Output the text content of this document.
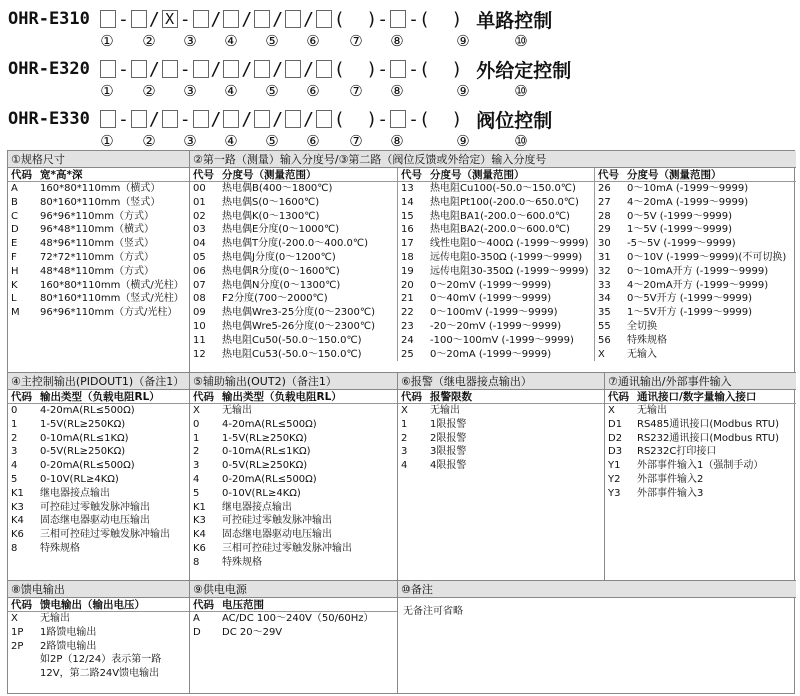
OHR-E310	- / X - / / / / (  ) - -(  ) 单路控制
① ② ③ ④ ⑤ ⑥ ⑦ ⑧	⑨	⑩
OHR-E320	- / - / / / / (  ) - -(  ) 外给定控制
① ② ③ ④ ⑤ ⑥ ⑦ ⑧	⑨	⑩
OHR-E330	- / - / / / / (  ) - -(  ) 阀位控制
① ② ③ ④ ⑤ ⑥ ⑦ ⑧	⑨	⑩
①规格尺寸
代码 宽*高*深
A	160*80*110mm（横式）
B	80*160*110mm（竖式）
C	96*96*110mm（方式）
D	96*48*110mm（横式）
E	48*96*110mm（竖式）
F	72*72*110mm（方式）
H	48*48*110mm（方式）
K	160*80*110mm（横式/光柱）
L	80*160*110mm（竖式/光柱）
M	96*96*110mm（方式/光柱）
②第一路（测量）输入分度号/③第二路（阀位反馈或外给定）输入分度号
代号 分度号（测量范围）
00	热电偶B(400～1800℃)
01	热电偶S(0～1600℃)
02	热电偶K(0～1300℃)
03	热电偶E分度(0～1000℃)
04	热电偶T分度(-200.0～400.0℃)
05	热电偶J分度(0～1200℃)
06	热电偶R分度(0～1600℃)
07	热电偶N分度(0～1300℃)
08	F2分度(700～2000℃)
09	热电偶Wre3-25分度(0～2300℃)
10	热电偶Wre5-26分度(0～2300℃)
11	热电阻Cu50(-50.0～150.0℃)
12	热电阻Cu53(-50.0～150.0℃)
代号 分度号（测量范围）
13	热电阻Cu100(-50.0～150.0℃)
14	热电阻Pt100(-200.0～650.0℃)
15	热电阻BA1(-200.0～600.0℃)
16	热电阻BA2(-200.0～600.0℃)
17	线性电阻0～400Ω (-1999～9999)
18	远传电阻0-350Ω (-1999～9999)
19	远传电阻30-350Ω (-1999～9999)
20	0～20mV (-1999～9999)
21	0～40mV (-1999～9999)
22	0～100mV (-1999～9999)
23	-20～20mV (-1999～9999)
24	-100～100mV (-1999～9999)
25	0～20mA (-1999～9999)
代号 分度号（测量范围）
26	0～10mA (-1999～9999)
27	4～20mA (-1999～9999)
28	0～5V (-1999～9999)
29	1～5V (-1999～9999)
30	-5～5V (-1999～9999)
31	0～10V (-1999～9999)(不可切换)
32	0～10mA开方 (-1999～9999)
33	4～20mA开方 (-1999～9999)
34	0～5V开方 (-1999～9999)
35	1～5V开方 (-1999～9999)
55	全切换
56	特殊规格
X	无输入
④主控制输出(PIDOUT1)（备注1）
代码 输出类型（负载电阻RL）
0	4-20mA(RL≤500Ω)
1	1-5V(RL≥250KΩ)
2	0-10mA(RL≤1KΩ)
3	0-5V(RL≥250KΩ)
4	0-20mA(RL≤500Ω)
5	0-10V(RL≥4KΩ)
K1	继电器接点输出
K3	可控硅过零触发脉冲输出
K4	固态继电器驱动电压输出
K6	三相可控硅过零触发脉冲输出
8	特殊规格
⑤辅助输出(OUT2)（备注1）
代码 输出类型（负载电阻RL）
X	无输出
0	4-20mA(RL≤500Ω)
1	1-5V(RL≥250KΩ)
2	0-10mA(RL≤1KΩ)
3	0-5V(RL≥250KΩ)
4	0-20mA(RL≤500Ω)
5	0-10V(RL≥4KΩ)
K1	继电器接点输出
K3	可控硅过零触发脉冲输出
K4	固态继电器驱动电压输出
K6	三相可控硅过零触发脉冲输出
8	特殊规格
⑥报警（继电器接点输出）
代码 报警限数
X	无输出
1	1限报警
2	2限报警
3	3限报警
4	4限报警
⑦通讯输出/外部事件输入
代码 通讯接口/数字量输入接口
X	无输出
D1	RS485通讯接口(Modbus RTU)
D2	RS232通讯接口(Modbus RTU)
D3	RS232C打印接口
Y1	外部事件输入1（强制手动）
Y2	外部事件输入2
Y3	外部事件输入3
⑧馈电输出
代码 馈电输出（输出电压）
X	无输出
1P	1路馈电输出
2P	2路馈电输出
如2P（12/24）表示第一路
12V，第二路24V馈电输出
⑨供电电源
代码 电压范围
A	AC/DC 100～240V（50/60Hz）
D	DC 20～29V
⑩备注
无备注可省略
